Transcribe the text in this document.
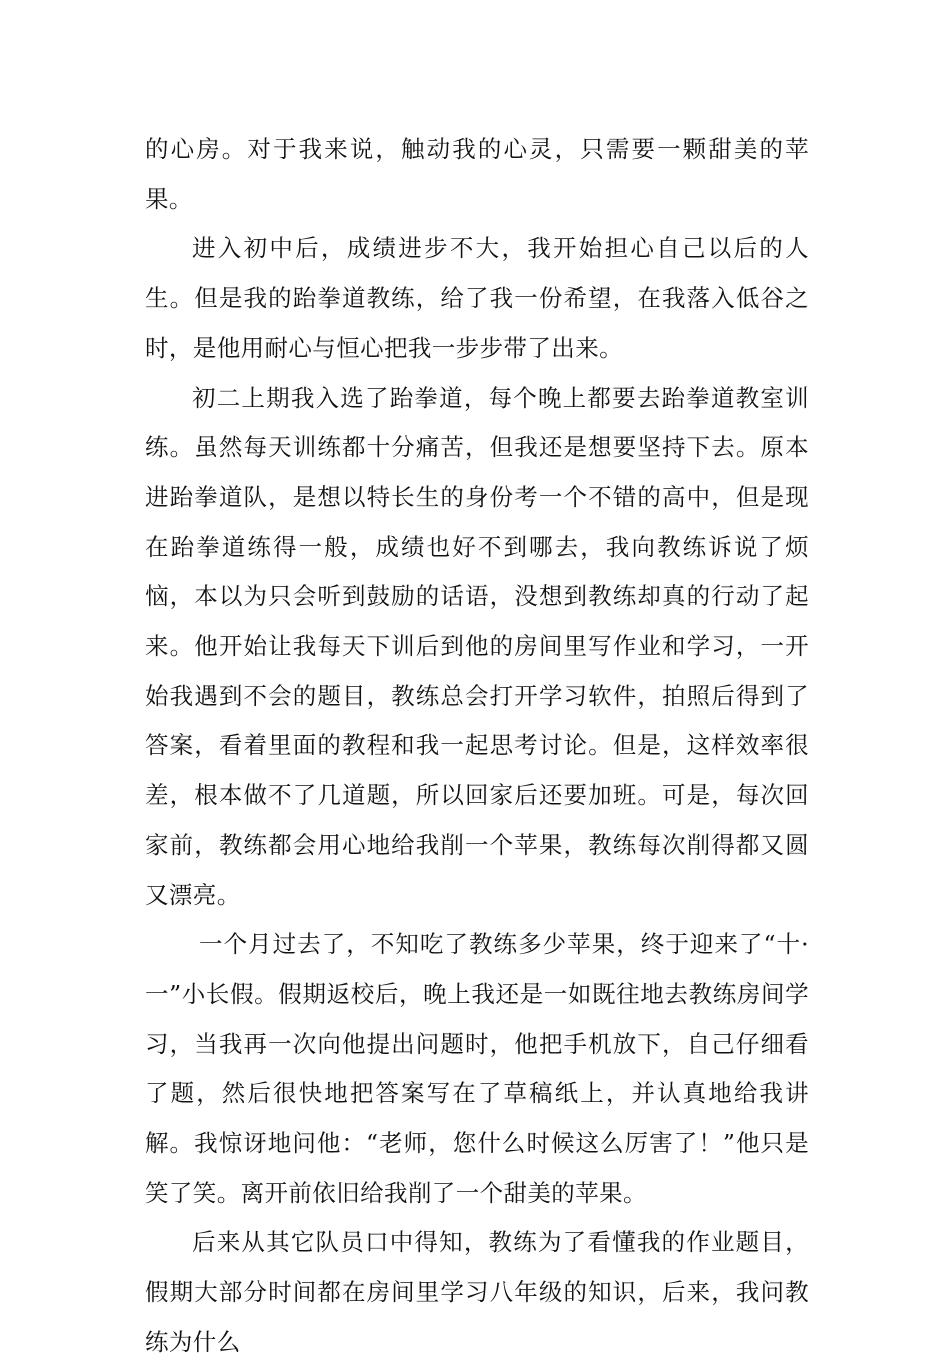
的心房。对于我来说，触动我的心灵，只需要一颗甜美的苹果。

进入初中后，成绩进步不大，我开始担心自己以后的人生。但是我的跆拳道教练，给了我一份希望，在我落入低谷之时，是他用耐心与恒心把我一步步带了出来。

初二上期我入选了跆拳道，每个晚上都要去跆拳道教室训练。虽然每天训练都十分痛苦，但我还是想要坚持下去。原本进跆拳道队，是想以特长生的身份考一个不错的高中，但是现在跆拳道练得一般，成绩也好不到哪去，我向教练诉说了烦恼，本以为只会听到鼓励的话语，没想到教练却真的行动了起来。他开始让我每天下训后到他的房间里写作业和学习，一开始我遇到不会的题目，教练总会打开学习软件，拍照后得到了答案，看着里面的教程和我一起思考讨论。但是，这样效率很差，根本做不了几道题，所以回家后还要加班。可是，每次回家前，教练都会用心地给我削一个苹果，教练每次削得都又圆又漂亮。

一个月过去了，不知吃了教练多少苹果，终于迎来了“十·一”小长假。假期返校后，晚上我还是一如既往地去教练房间学习，当我再一次向他提出问题时，他把手机放下，自己仔细看了题，然后很快地把答案写在了草稿纸上，并认真地给我讲解。我惊讶地问他：“老师，您什么时候这么厉害了！”他只是笑了笑。离开前依旧给我削了一个甜美的苹果。

后来从其它队员口中得知，教练为了看懂我的作业题目，假期大部分时间都在房间里学习八年级的知识，后来，我问教练为什么
